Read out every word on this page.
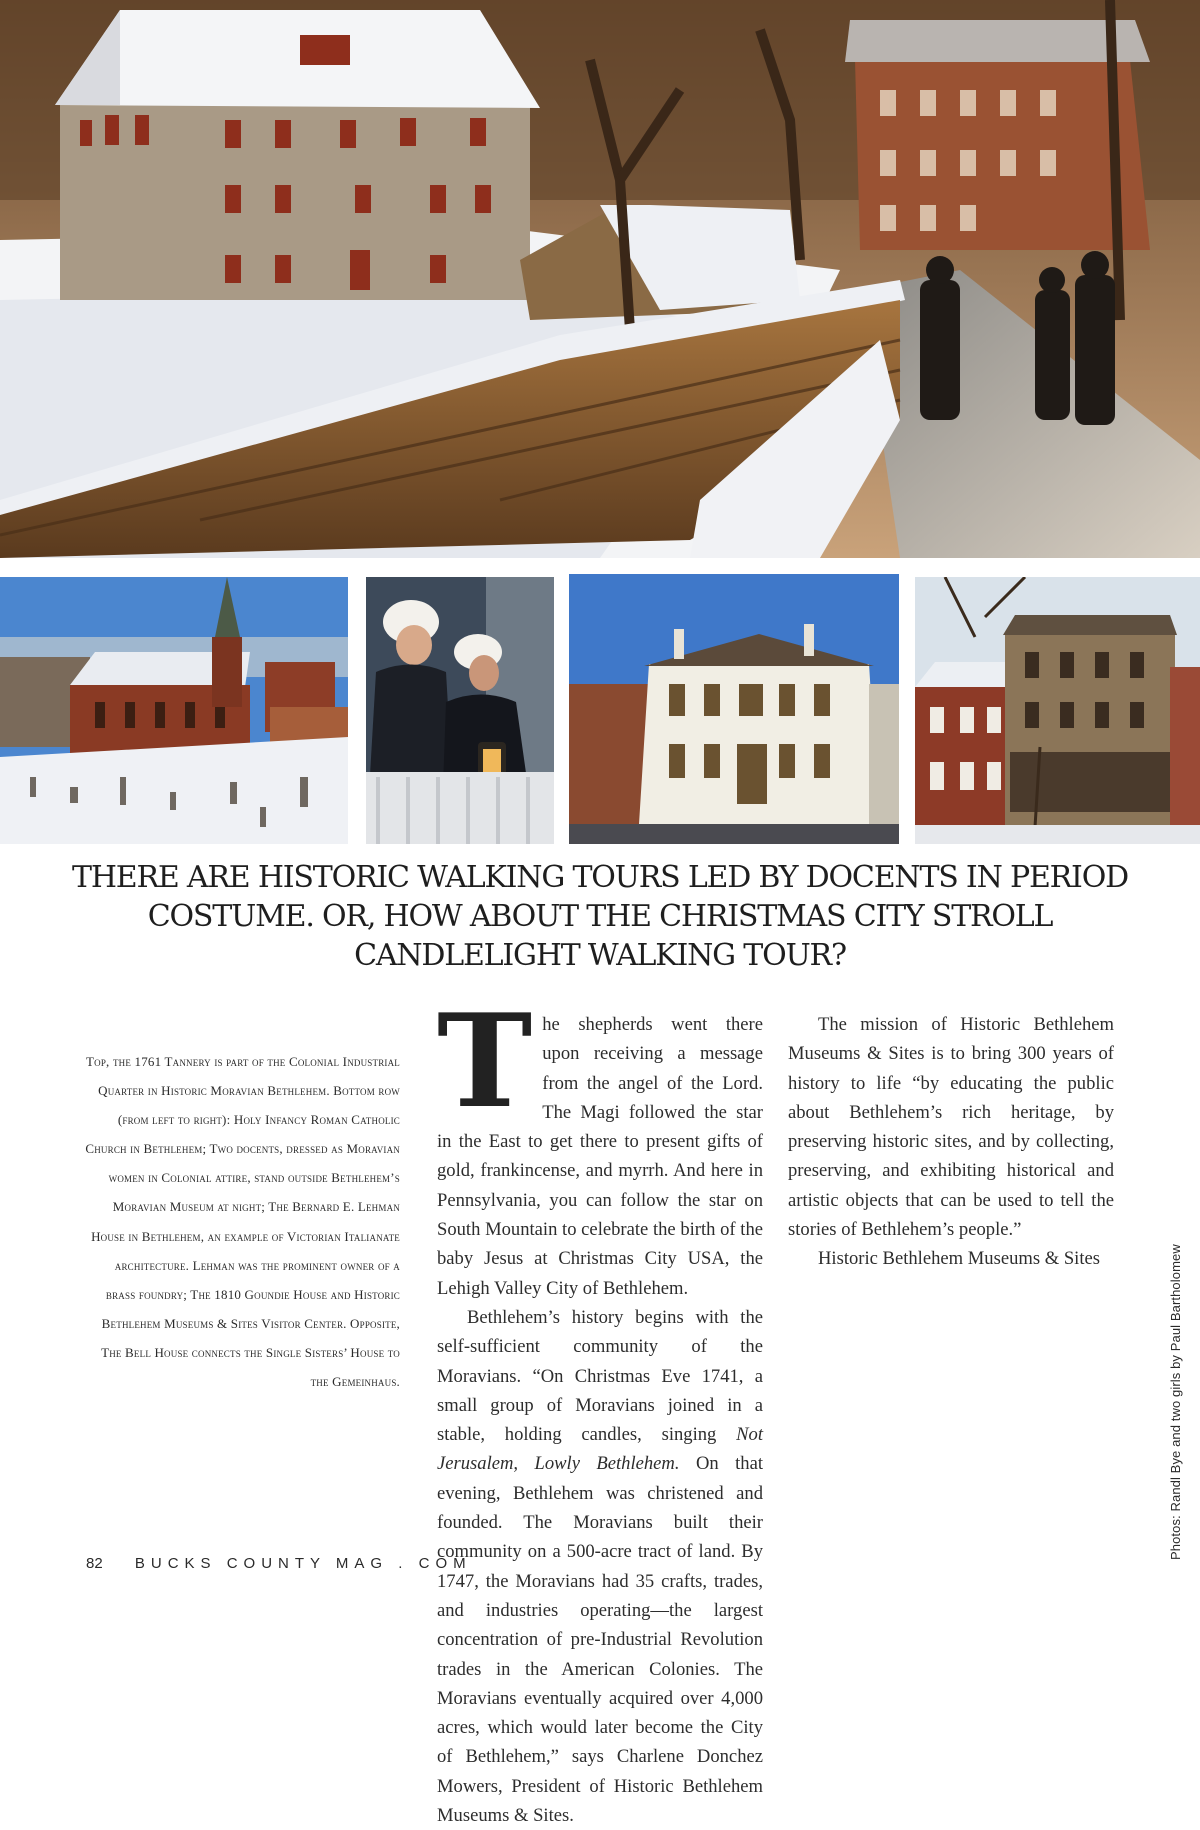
THERE ARE HISTORIC WALKING TOURS LED BY DOCENTS IN PERIOD COSTUME. OR, HOW ABOUT THE CHRISTMAS CITY STROLL CANDLELIGHT WALKING TOUR?

Top, the 1761 Tannery is part of the Colonial Industrial Quarter in Historic Moravian Bethlehem. Bottom row (from left to right): Holy Infancy Roman Catholic Church in Bethlehem; Two docents, dressed as Moravian women in Colonial attire, stand outside Bethlehem’s Moravian Museum at night; The Bernard E. Lehman House in Bethlehem, an example of Victorian Italianate architecture. Lehman was the prominent owner of a brass foundry; The 1810 Goundie House and Historic Bethlehem Museums & Sites Visitor Center. Opposite, The Bell House connects the Single Sisters’ House to the Gemeinhaus.

T he shepherds went there upon receiving a message from the angel of the Lord. The Magi followed the star in the East to get there to present gifts of gold, frankincense, and myrrh. And here in Pennsylvania, you can follow the star on South Mountain to celebrate the birth of the baby Jesus at Christmas City USA, the Lehigh Valley City of Bethlehem.

Bethlehem’s history begins with the self-sufficient community of the Moravians. “On Christmas Eve 1741, a small group of Moravians joined in a stable, holding candles, singing Not Jerusalem, Lowly Bethlehem. On that evening, Bethlehem was christened and founded. The Moravians built their community on a 500-acre tract of land. By 1747, the Moravians had 35 crafts, trades, and industries operating—the largest concentration of pre-Industrial Revolution trades in the American Colonies. The Moravians eventually acquired over 4,000 acres, which would later become the City of Bethlehem,” says Charlene Donchez Mowers, President of Historic Bethlehem Museums & Sites.

The mission of Historic Bethlehem Museums & Sites is to bring 300 years of history to life “by educating the public about Bethlehem’s rich heritage, by preserving historic sites, and by collecting, preserving, and exhibiting historical and artistic objects that can be used to tell the stories of Bethlehem’s people.”

Historic Bethlehem Museums & Sites

82 BUCKS COUNTY MAG . COM
Photos: Randl Bye and two girls by Paul Bartholomew
